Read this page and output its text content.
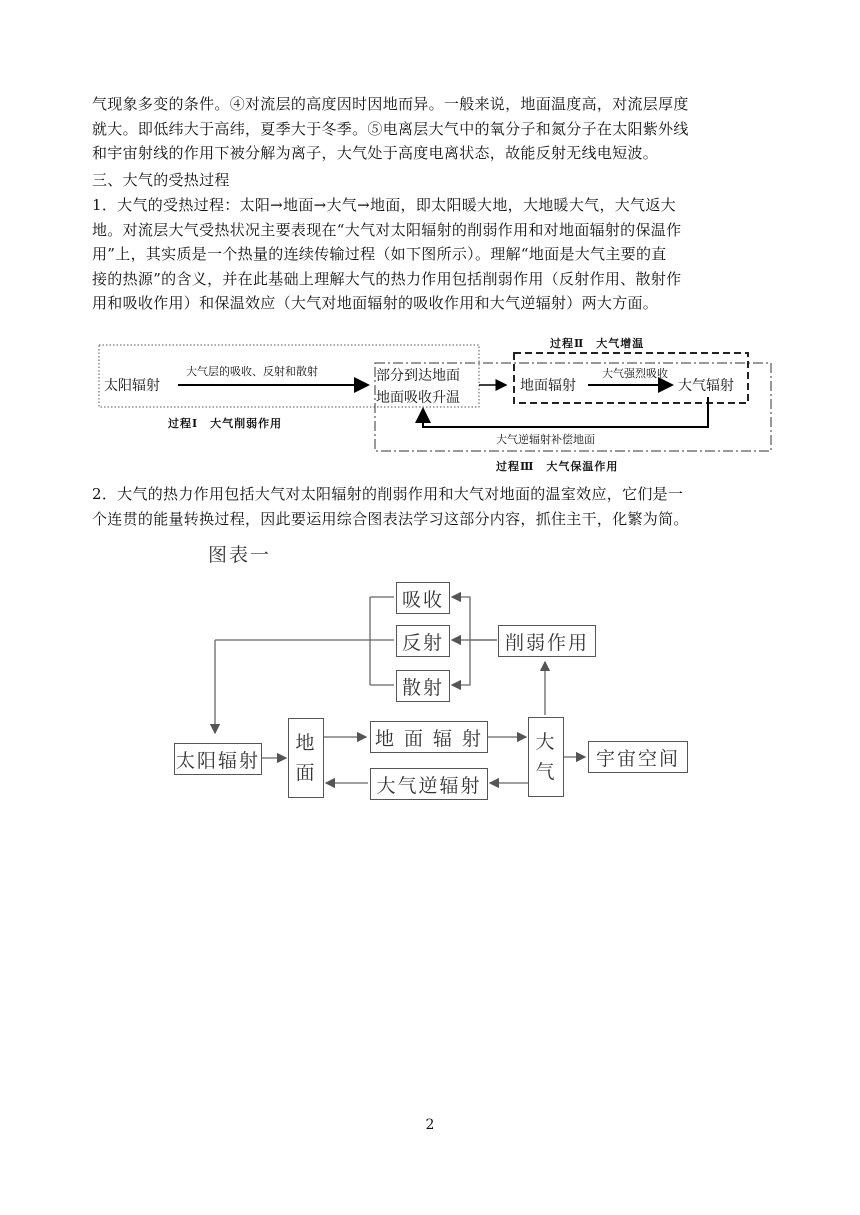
气现象多变的条件。④对流层的高度因时因地而异。一般来说，地面温度高，对流层厚度
就大。即低纬大于高纬，夏季大于冬季。⑤电离层大气中的氧分子和氮分子在太阳紫外线
和宇宙射线的作用下被分解为离子，大气处于高度电离状态，故能反射无线电短波。
三、大气的受热过程
1．大气的受热过程：太阳→地面→大气→地面，即太阳暖大地，大地暖大气，大气返大
地。对流层大气受热状况主要表现在“大气对太阳辐射的削弱作用和对地面辐射的保温作
用”上，其实质是一个热量的连续传输过程（如下图所示）。理解“地面是大气主要的直
接的热源”的含义，并在此基础上理解大气的热力作用包括削弱作用（反射作用、散射作
用和吸收作用）和保温效应（大气对地面辐射的吸收作用和大气逆辐射）两大方面。
过程Ⅱ　大气增温
太阳辐射
大气层的吸收、反射和散射	部分到达地面
地面吸收升温
地面辐射
大气强烈吸收
大气辐射
过程Ⅰ　大气削弱作用
大气逆辐射补偿地面
过程Ⅲ　大气保温作用
2．大气的热力作用包括大气对太阳辐射的削弱作用和大气对地面的温室效应，它们是一
个连贯的能量转换过程，因此要运用综合图表法学习这部分内容，抓住主干，化繁为简。
图表一
吸收
反射
散射
削弱作用
太阳辐射
地
面
地 面 辐 射	大
气
大气逆辐射
宇宙空间
2
